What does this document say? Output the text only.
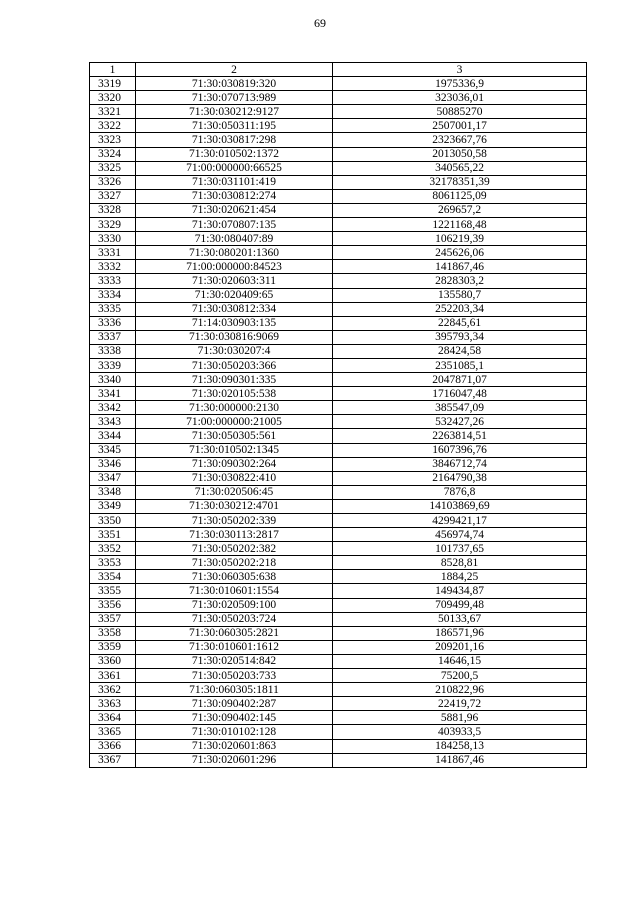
69
1	2	3
3319	71:30:030819:320	1975336,9
3320	71:30:070713:989	323036,01
3321	71:30:030212:9127	50885270
3322	71:30:050311:195	2507001,17
3323	71:30:030817:298	2323667,76
3324	71:30:010502:1372	2013050,58
3325	71:00:000000:66525	340565,22
3326	71:30:031101:419	32178351,39
3327	71:30:030812:274	8061125,09
3328	71:30:020621:454	269657,2
3329	71:30:070807:135	1221168,48
3330	71:30:080407:89	106219,39
3331	71:30:080201:1360	245626,06
3332	71:00:000000:84523	141867,46
3333	71:30:020603:311	2828303,2
3334	71:30:020409:65	135580,7
3335	71:30:030812:334	252203,34
3336	71:14:030903:135	22845,61
3337	71:30:030816:9069	395793,34
3338	71:30:030207:4	28424,58
3339	71:30:050203:366	2351085,1
3340	71:30:090301:335	2047871,07
3341	71:30:020105:538	1716047,48
3342	71:30:000000:2130	385547,09
3343	71:00:000000:21005	532427,26
3344	71:30:050305:561	2263814,51
3345	71:30:010502:1345	1607396,76
3346	71:30:090302:264	3846712,74
3347	71:30:030822:410	2164790,38
3348	71:30:020506:45	7876,8
3349	71:30:030212:4701	14103869,69
3350	71:30:050202:339	4299421,17
3351	71:30:030113:2817	456974,74
3352	71:30:050202:382	101737,65
3353	71:30:050202:218	8528,81
3354	71:30:060305:638	1884,25
3355	71:30:010601:1554	149434,87
3356	71:30:020509:100	709499,48
3357	71:30:050203:724	50133,67
3358	71:30:060305:2821	186571,96
3359	71:30:010601:1612	209201,16
3360	71:30:020514:842	14646,15
3361	71:30:050203:733	75200,5
3362	71:30:060305:1811	210822,96
3363	71:30:090402:287	22419,72
3364	71:30:090402:145	5881,96
3365	71:30:010102:128	403933,5
3366	71:30:020601:863	184258,13
3367	71:30:020601:296	141867,46
